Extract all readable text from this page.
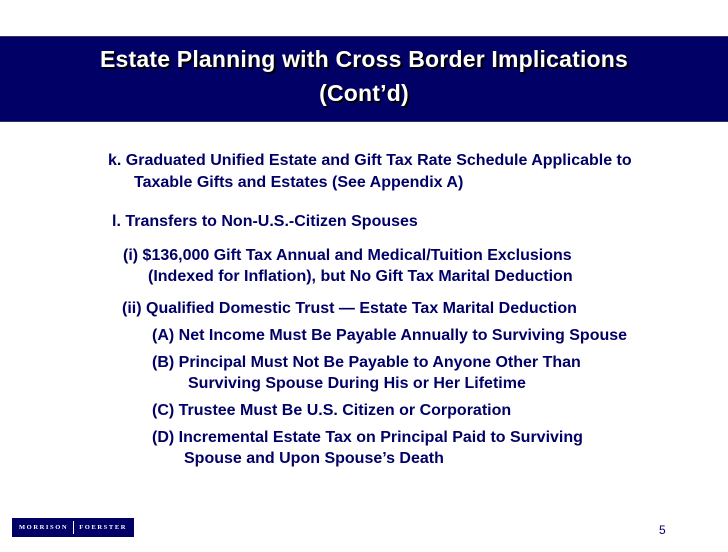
Estate Planning with Cross Border Implications
(Cont’d)
k. Graduated Unified Estate and Gift Tax Rate Schedule Applicable to
Taxable Gifts and Estates (See Appendix A)
l. Transfers to Non-U.S.-Citizen Spouses
(i) $136,000 Gift Tax Annual and Medical/Tuition Exclusions
(Indexed for Inflation), but No Gift Tax Marital Deduction
(ii) Qualified Domestic Trust — Estate Tax Marital Deduction
(A) Net Income Must Be Payable Annually to Surviving Spouse
(B) Principal Must Not Be Payable to Anyone Other Than
Surviving Spouse During His or Her Lifetime
(C) Trustee Must Be U.S. Citizen or Corporation
(D) Incremental Estate Tax on Principal Paid to Surviving
Spouse and Upon Spouse’s Death
MORRISON FOERSTER	5
